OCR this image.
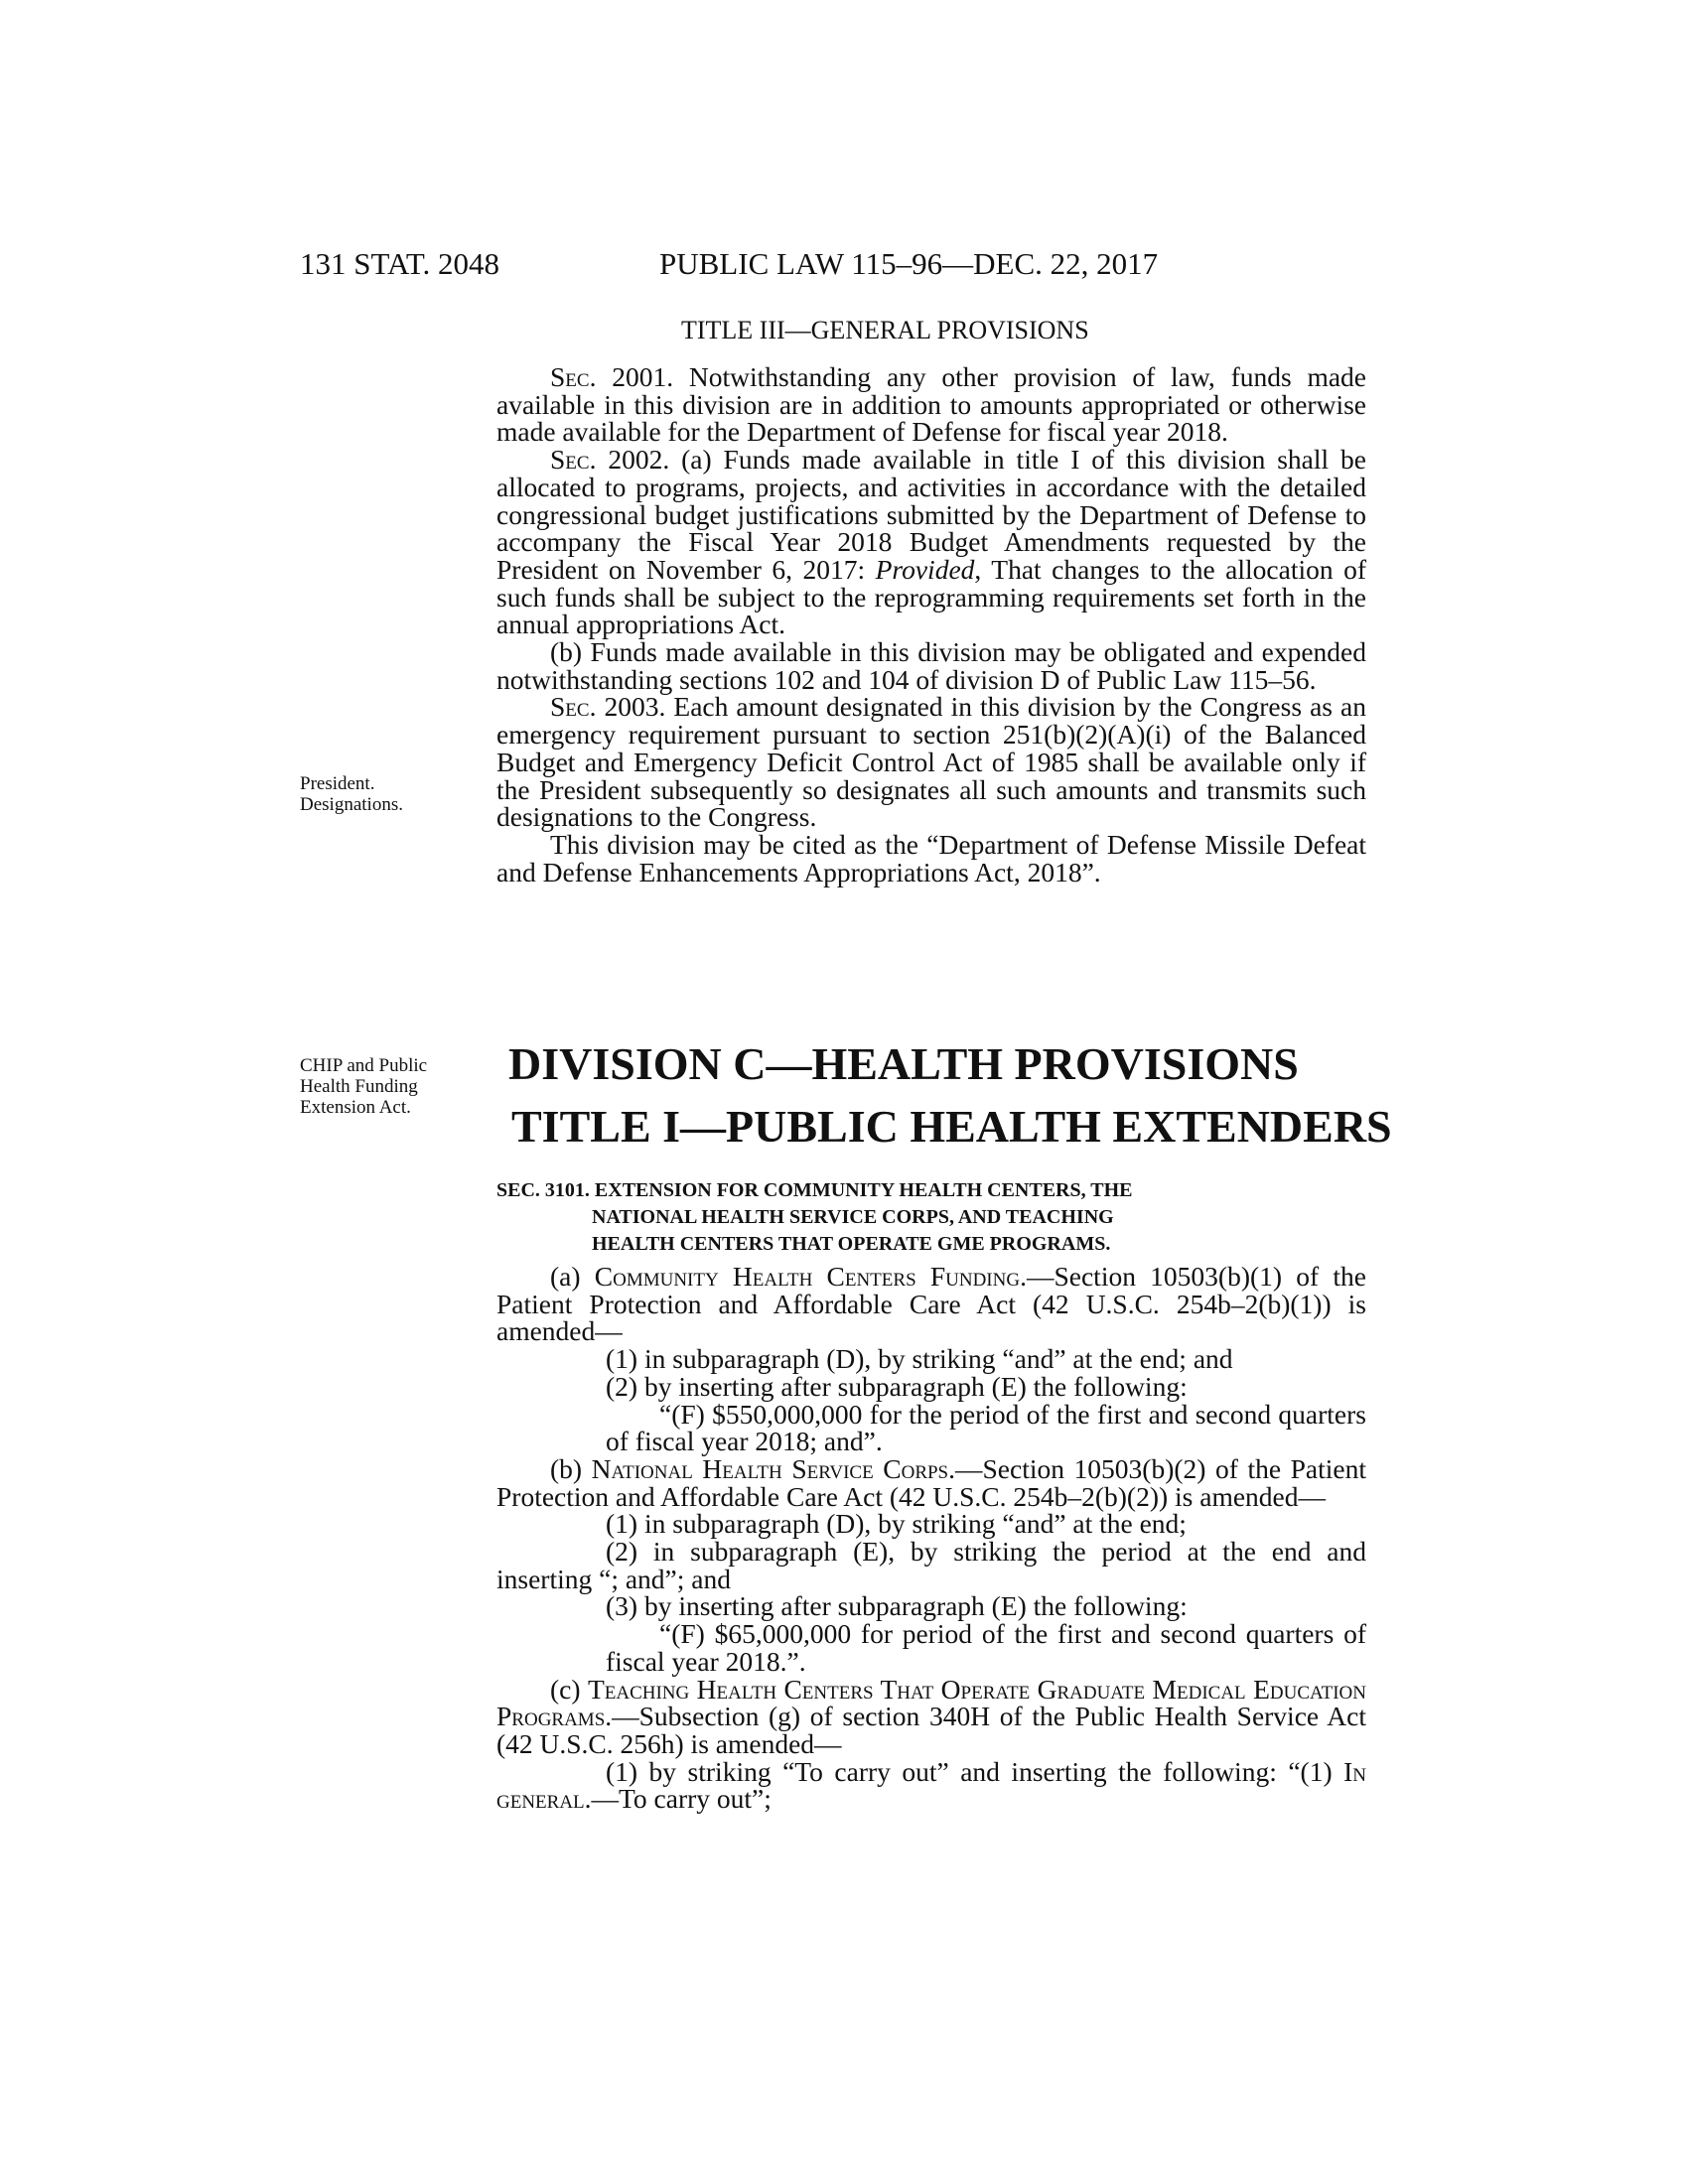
131 STAT. 2048	PUBLIC LAW 115–96—DEC. 22, 2017
TITLE III—GENERAL PROVISIONS
President.
Designations.
CHIP and Public
Health Funding
Extension Act.

Sec. 2001. Notwithstanding any other provision of law, funds made available in this division are in addition to amounts appropriated or otherwise made available for the Department of Defense for fiscal year 2018.

Sec. 2002. (a) Funds made available in title I of this division shall be allocated to programs, projects, and activities in accordance with the detailed congressional budget justifications submitted by the Department of Defense to accompany the Fiscal Year 2018 Budget Amendments requested by the President on November 6, 2017: Provided, That changes to the allocation of such funds shall be subject to the reprogramming requirements set forth in the annual appropriations Act.

(b) Funds made available in this division may be obligated and expended notwithstanding sections 102 and 104 of division D of Public Law 115–56.

Sec. 2003. Each amount designated in this division by the Congress as an emergency requirement pursuant to section 251(b)(2)(A)(i) of the Balanced Budget and Emergency Deficit Control Act of 1985 shall be available only if the President subsequently so designates all such amounts and transmits such designations to the Congress.

This division may be cited as the “Department of Defense Missile Defeat and Defense Enhancements Appropriations Act, 2018”.

DIVISION C—HEALTH PROVISIONS
TITLE I—PUBLIC HEALTH EXTENDERS
SEC. 3101. EXTENSION FOR COMMUNITY HEALTH CENTERS, THE
NATIONAL HEALTH SERVICE CORPS, AND TEACHING
HEALTH CENTERS THAT OPERATE GME PROGRAMS.

(a) Community Health Centers Funding.—Section 10503(b)(1) of the Patient Protection and Affordable Care Act (42 U.S.C. 254b–2(b)(1)) is amended—

(1) in subparagraph (D), by striking “and” at the end; and

(2) by inserting after subparagraph (E) the following:

“(F) $550,000,000 for the period of the first and second quarters of fiscal year 2018; and”.

(b) National Health Service Corps.—Section 10503(b)(2) of the Patient Protection and Affordable Care Act (42 U.S.C. 254b–2(b)(2)) is amended—

(1) in subparagraph (D), by striking “and” at the end;

(2) in subparagraph (E), by striking the period at the end and inserting “; and”; and

(3) by inserting after subparagraph (E) the following:

“(F) $65,000,000 for period of the first and second quarters of fiscal year 2018.”.

(c) Teaching Health Centers That Operate Graduate Medical Education Programs.—Subsection (g) of section 340H of the Public Health Service Act (42 U.S.C. 256h) is amended—

(1) by striking “To carry out” and inserting the following: “(1) In general.—To carry out”;
